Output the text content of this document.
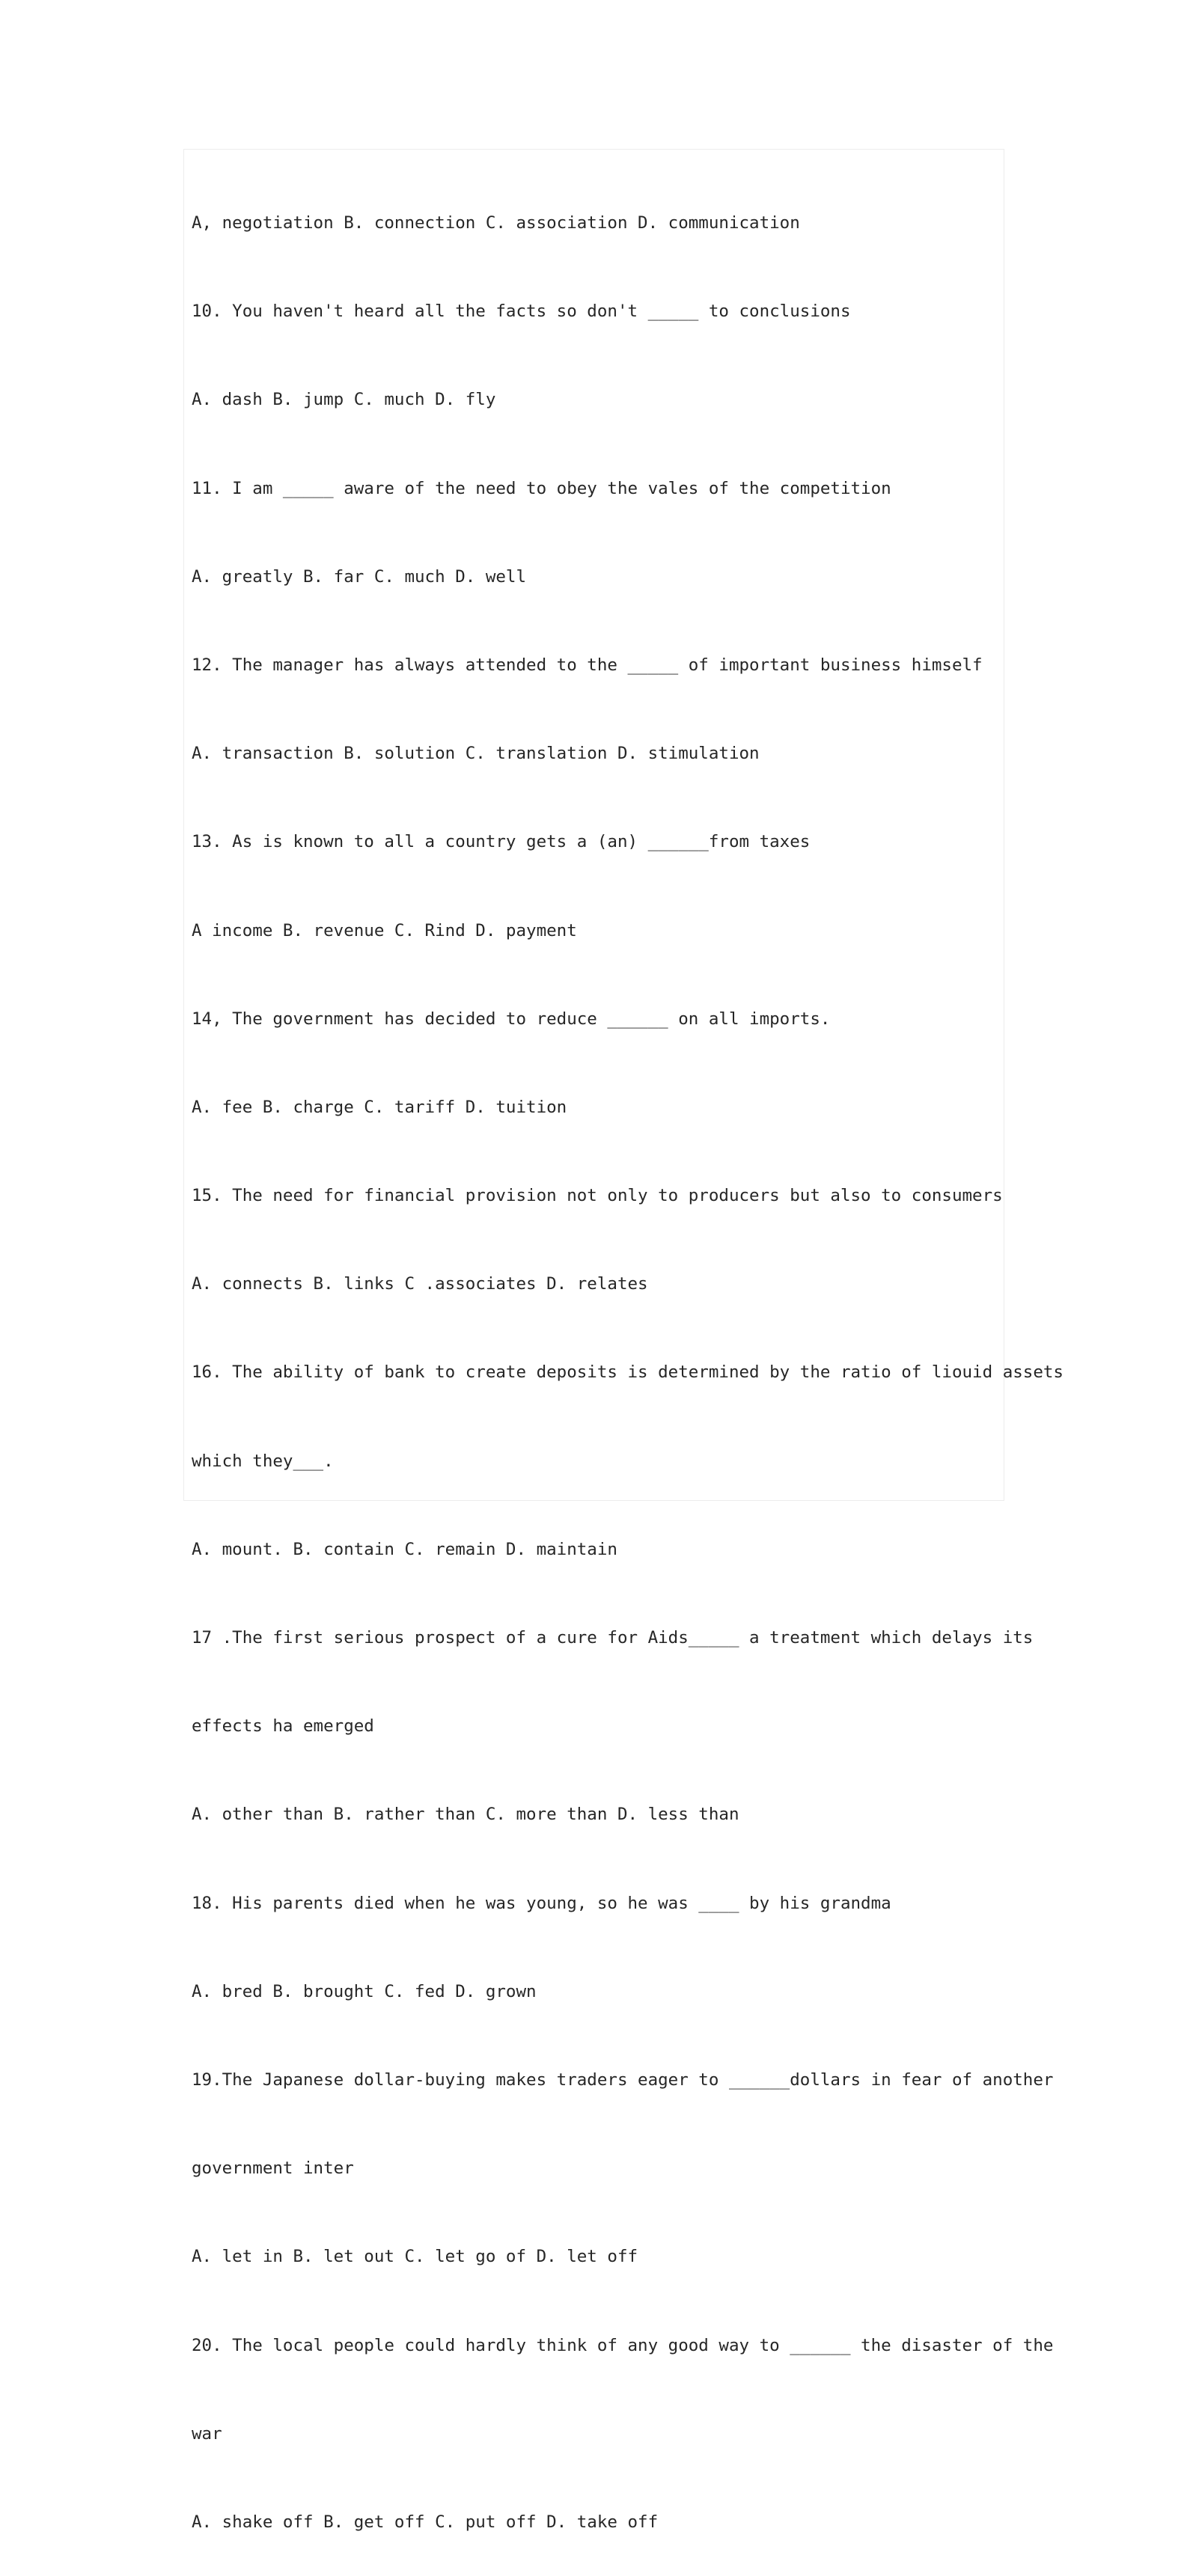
A, negotiation B. connection C. association D. communication

10. You haven't heard all the facts so don't _____ to conclusions

A. dash B. jump C. much D. fly

11. I am _____ aware of the need to obey the vales of the competition

A. greatly B. far C. much D. well

12. The manager has always attended to the _____ of important business himself

A. transaction B. solution C. translation D. stimulation

13. As is known to all a country gets a (an) ______from taxes

A income B. revenue C. Rind D. payment

14, The government has decided to reduce ______ on all imports.

A. fee B. charge C. tariff D. tuition

15. The need for financial provision not only to producers but also to consumers

A. connects B. links C .associates D. relates

16. The ability of bank to create deposits is determined by the ratio of liouid assets

which they___.

A. mount. B. contain C. remain D. maintain

17 .The first serious prospect of a cure for Aids_____ a treatment which delays its

effects ha emerged

A. other than B. rather than C. more than D. less than

18. His parents died when he was young, so he was ____ by his grandma

A. bred B. brought C. fed D. grown

19.The Japanese dollar-buying makes traders eager to ______dollars in fear of another

government inter

A. let in B. let out C. let go of D. let off

20. The local people could hardly think of any good way to ______ the disaster of the

war

A. shake off B. get off C. put off D. take off
